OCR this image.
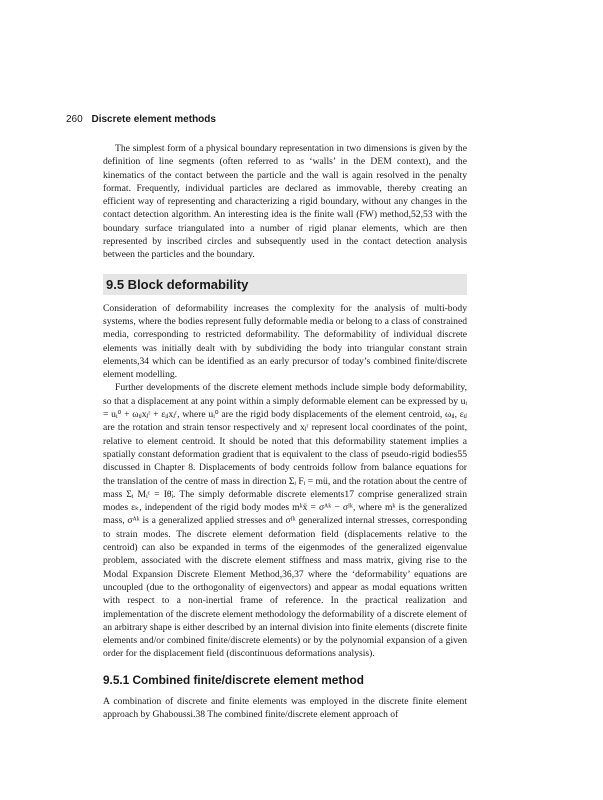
260 Discrete element methods

The simplest form of a physical boundary representation in two dimensions is given by the definition of line segments (often referred to as ‘walls’ in the DEM context), and the kinematics of the contact between the particle and the wall is again resolved in the penalty format. Frequently, individual particles are declared as immovable, thereby creating an efficient way of representing and characterizing a rigid boundary, without any changes in the contact detection algorithm. An interesting idea is the finite wall (FW) method,52,53 with the boundary surface triangulated into a number of rigid planar elements, which are then represented by inscribed circles and subsequently used in the contact detection analysis between the particles and the boundary.

9.5 Block deformability

Consideration of deformability increases the complexity for the analysis of multi-body systems, where the bodies represent fully deformable media or belong to a class of constrained media, corresponding to restricted deformability. The deformability of individual discrete elements was initially dealt with by subdividing the body into triangular constant strain elements,34 which can be identified as an early precursor of today’s combined finite/discrete element modelling.

Further developments of the discrete element methods include simple body deformability, so that a displacement at any point within a simply deformable element can be expressed by uᵢ = uᵢ⁰ + ωᵢⱼxⱼʳ + εᵢⱼxⱼʳ, where uᵢ⁰ are the rigid body displacements of the element centroid, ωᵢⱼ, εᵢⱼ are the rotation and strain tensor respectively and xⱼʳ represent local coordinates of the point, relative to element centroid. It should be noted that this deformability statement implies a spatially constant deformation gradient that is equivalent to the class of pseudo-rigid bodies55 discussed in Chapter 8. Displacements of body centroids follow from balance equations for the translation of the centre of mass in direction Σᵢ Fᵢ = mü, and the rotation about the centre of mass Σᵢ Mᵢᶜ = Iθ̈ᵢ. The simply deformable discrete elements17 comprise generalized strain modes εₖ, independent of the rigid body modes mᵏẍ = σᴬᵏ − σᴵᵏ, where mᵏ is the generalized mass, σᴬᵏ is a generalized applied stresses and σᴵᵏ generalized internal stresses, corresponding to strain modes. The discrete element deformation field (displacements relative to the centroid) can also be expanded in terms of the eigenmodes of the generalized eigenvalue problem, associated with the discrete element stiffness and mass matrix, giving rise to the Modal Expansion Discrete Element Method,36,37 where the ‘deformability’ equations are uncoupled (due to the orthogonality of eigenvectors) and appear as modal equations written with respect to a non-inertial frame of reference. In the practical realization and implementation of the discrete element methodology the deformability of a discrete element of an arbitrary shape is either described by an internal division into finite elements (discrete finite elements and/or combined finite/discrete elements) or by the polynomial expansion of a given order for the displacement field (discontinuous deformations analysis).

9.5.1 Combined finite/discrete element method

A combination of discrete and finite elements was employed in the discrete finite element approach by Ghaboussi.38 The combined finite/discrete element approach of
